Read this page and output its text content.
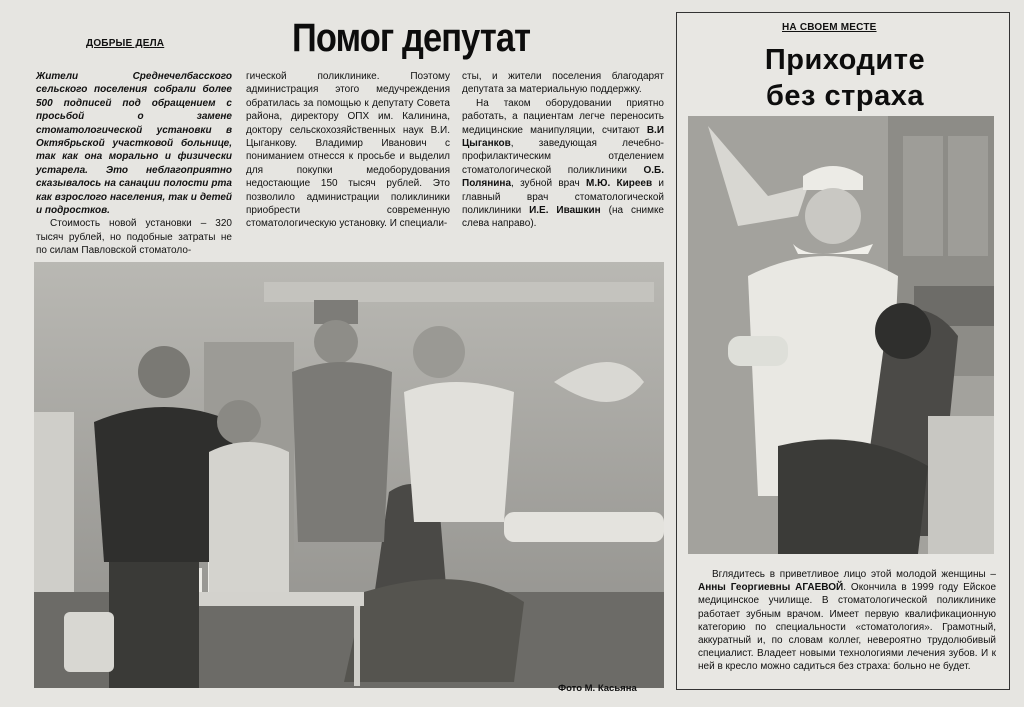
ДОБРЫЕ ДЕЛА	Помог депутат
Жители Среднечелбасского сельского поселения собрали более 500 подписей под обращением с просьбой о замене стоматологической установки в Октябрьской участковой больнице, так как она морально и физически устарела. Это неблагоприятно сказывалось на санации полости рта как взрослого населения, так и детей и подростков.
Стоимость новой установки – 320 тысяч рублей, но подобные затраты не по силам Павловской стоматоло-
гической поликлинике. Поэтому администрация этого медучреждения обратилась за помощью к депутату Совета района, директору ОПХ им. Калинина, доктору сельскохозяйственных наук В.И. Цыганкову. Владимир Иванович с пониманием отнесся к просьбе и выделил для покупки медоборудования недостающие 150 тысяч рублей. Это позволило администрации поликлиники приобрести современную стоматологическую установку. И специали-
сты, и жители поселения благодарят депутата за материальную поддержку.
На таком оборудовании приятно работать, а пациентам легче переносить медицинские манипуляции, считают В.И Цыганков, заведующая лечебно-профилактическим отделением стоматологической поликлиники О.Б. Полянина, зубной врач М.Ю. Киреев и главный врач стоматологической поликлиники И.Е. Ивашкин (на снимке слева направо).
Фото М. Касьяна
НА СВОЕМ МЕСТЕ
Приходите
без страха
Вглядитесь в приветливое лицо этой молодой женщины – Анны Георгиевны АГАЕВОЙ. Окончила в 1999 году Ейское медицинское училище. В стоматологической поликлинике работает зубным врачом. Имеет первую квалификационную категорию по специальности «стоматология». Грамотный, аккуратный и, по словам коллег, невероятно трудолюбивый специалист. Владеет новыми технологиями лечения зубов. И к ней в кресло можно садиться без страха: больно не будет.
